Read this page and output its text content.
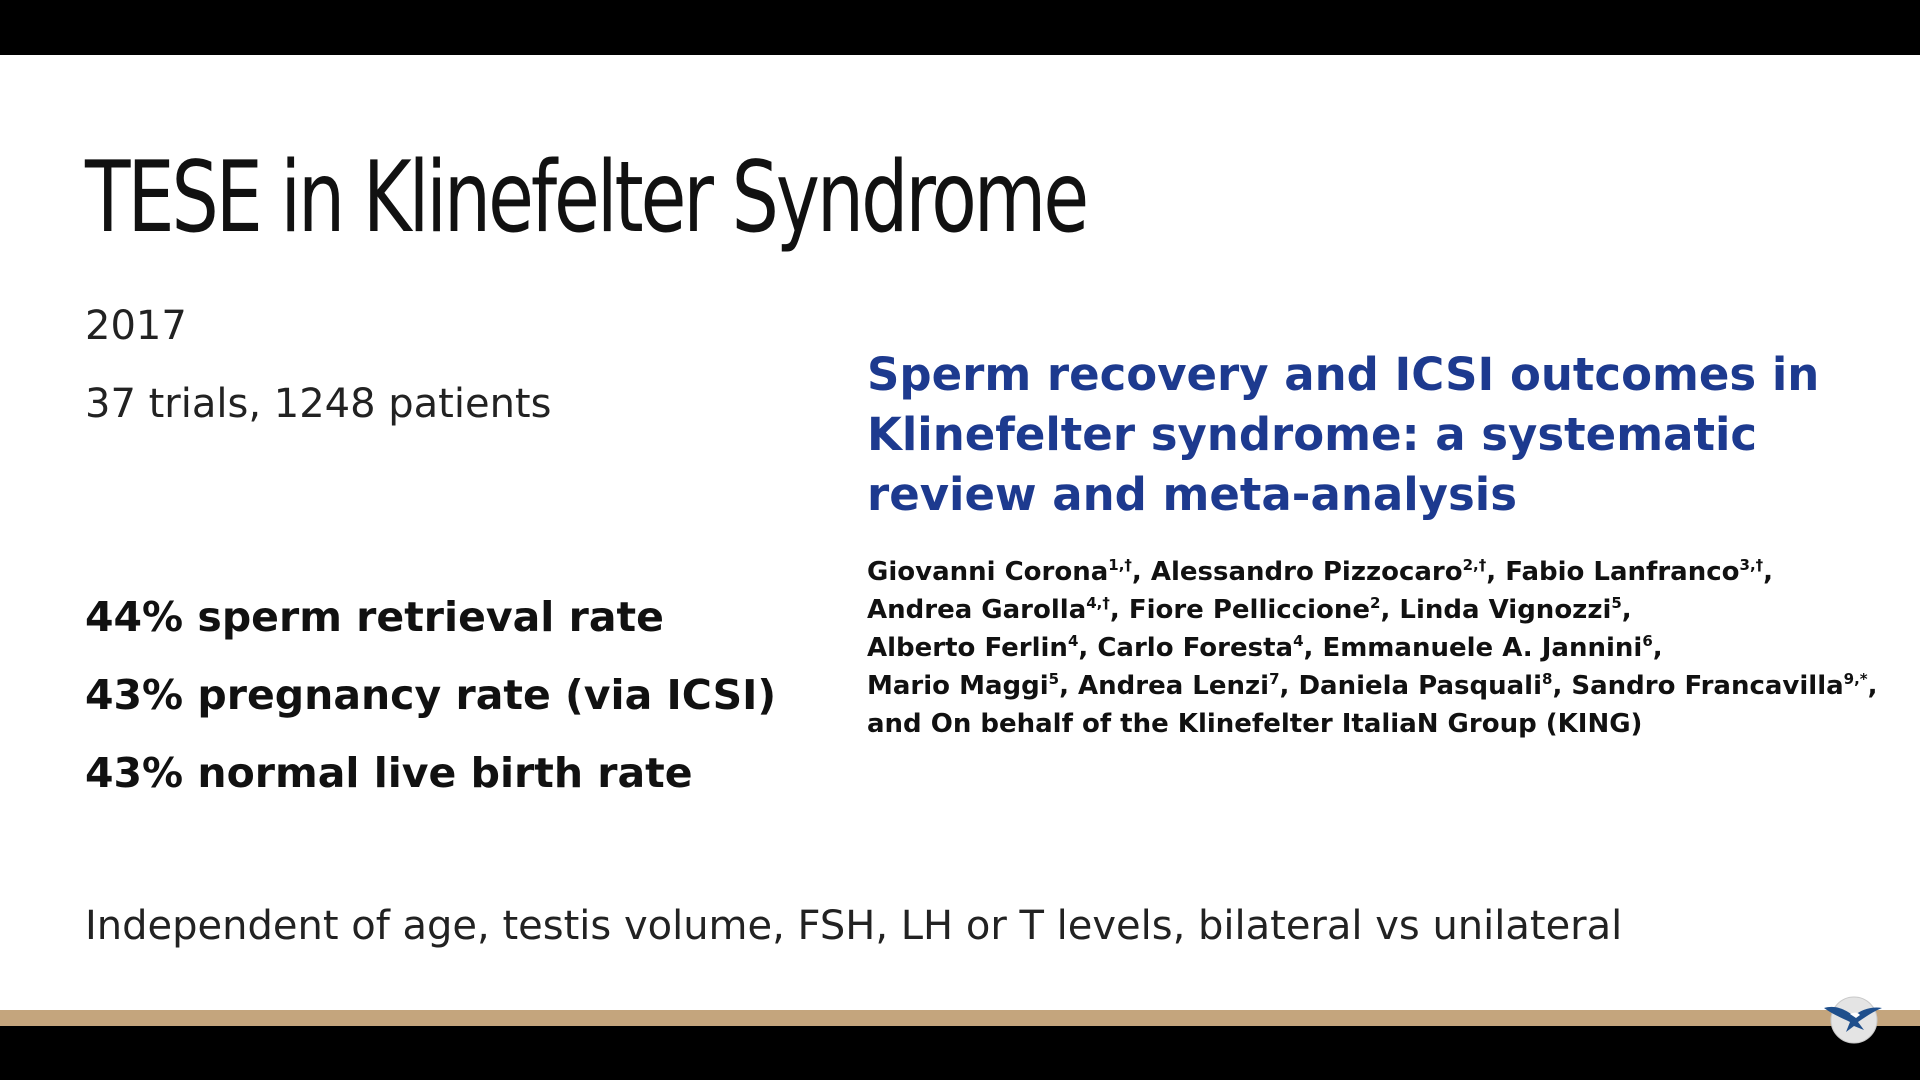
TESE in Klinefelter Syndrome
2017
37 trials, 1248 patients
44% sperm retrieval rate
43% pregnancy rate (via ICSI)
43% normal live birth rate
Independent of age, testis volume, FSH, LH or T levels, bilateral vs unilateral
Sperm recovery and ICSI outcomes in
Klinefelter syndrome: a systematic
review and meta-analysis
Giovanni Corona$^{1,\dagger}$, Alessandro Pizzocaro$^{2,\dagger}$, Fabio Lanfranco$^{3,\dagger}$,
Andrea Garolla$^{4,\dagger}$, Fiore Pelliccione$^2$, Linda Vignozzi$^5$,
Alberto Ferlin$^4$, Carlo Foresta$^4$, Emmanuele A. Jannini$^6$,
Mario Maggi$^5$, Andrea Lenzi$^7$, Daniela Pasquali$^8$, Sandro Francavilla$^{9,*}$,
and On behalf of the Klinefelter ItaliaN Group (KING)
